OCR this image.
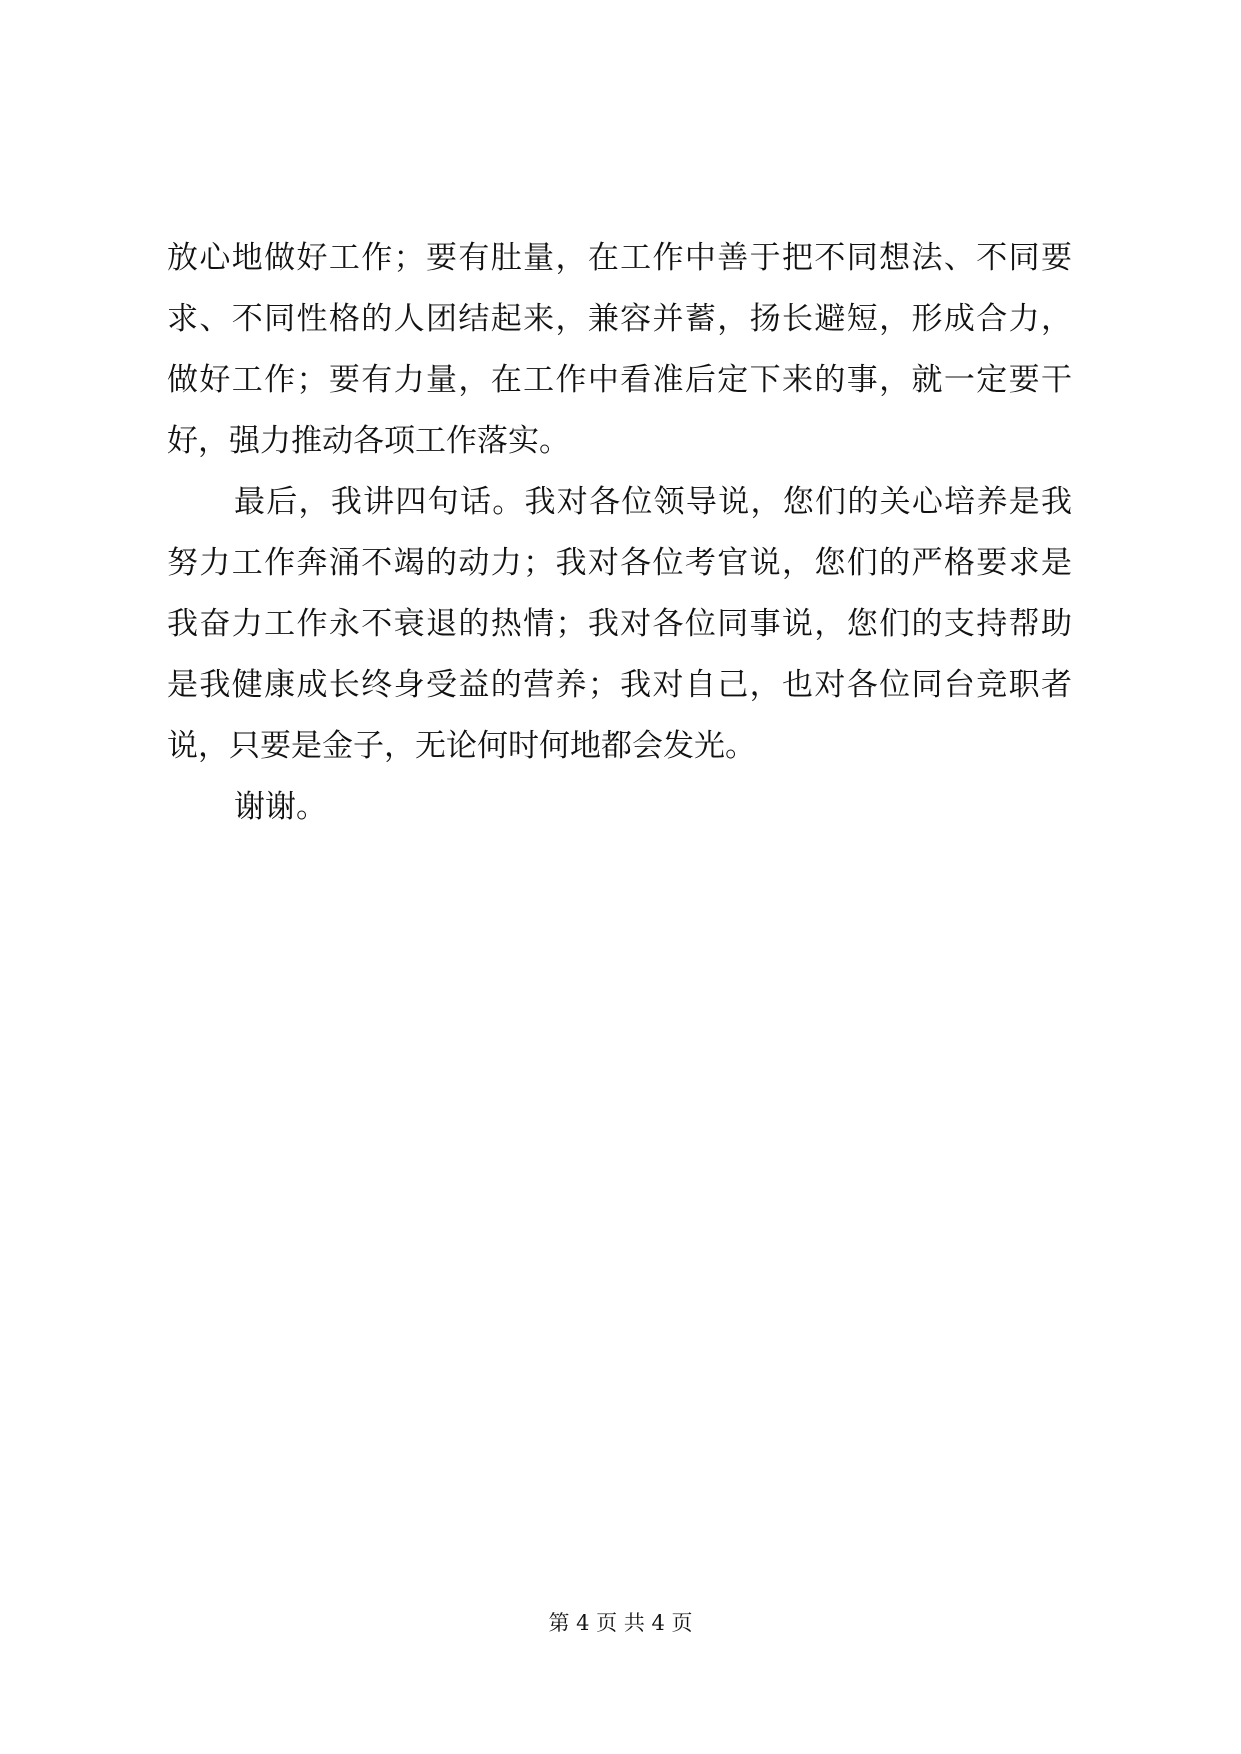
放心地做好工作；要有肚量，在工作中善于把不同想法、不同要
求、不同性格的人团结起来，兼容并蓄，扬长避短，形成合力，
做好工作；要有力量，在工作中看准后定下来的事，就一定要干
好，强力推动各项工作落实。
最后，我讲四句话。我对各位领导说，您们的关心培养是我
努力工作奔涌不竭的动力；我对各位考官说，您们的严格要求是
我奋力工作永不衰退的热情；我对各位同事说，您们的支持帮助
是我健康成长终身受益的营养；我对自己，也对各位同台竞职者
说，只要是金子，无论何时何地都会发光。
谢谢。
第 4 页 共 4 页
